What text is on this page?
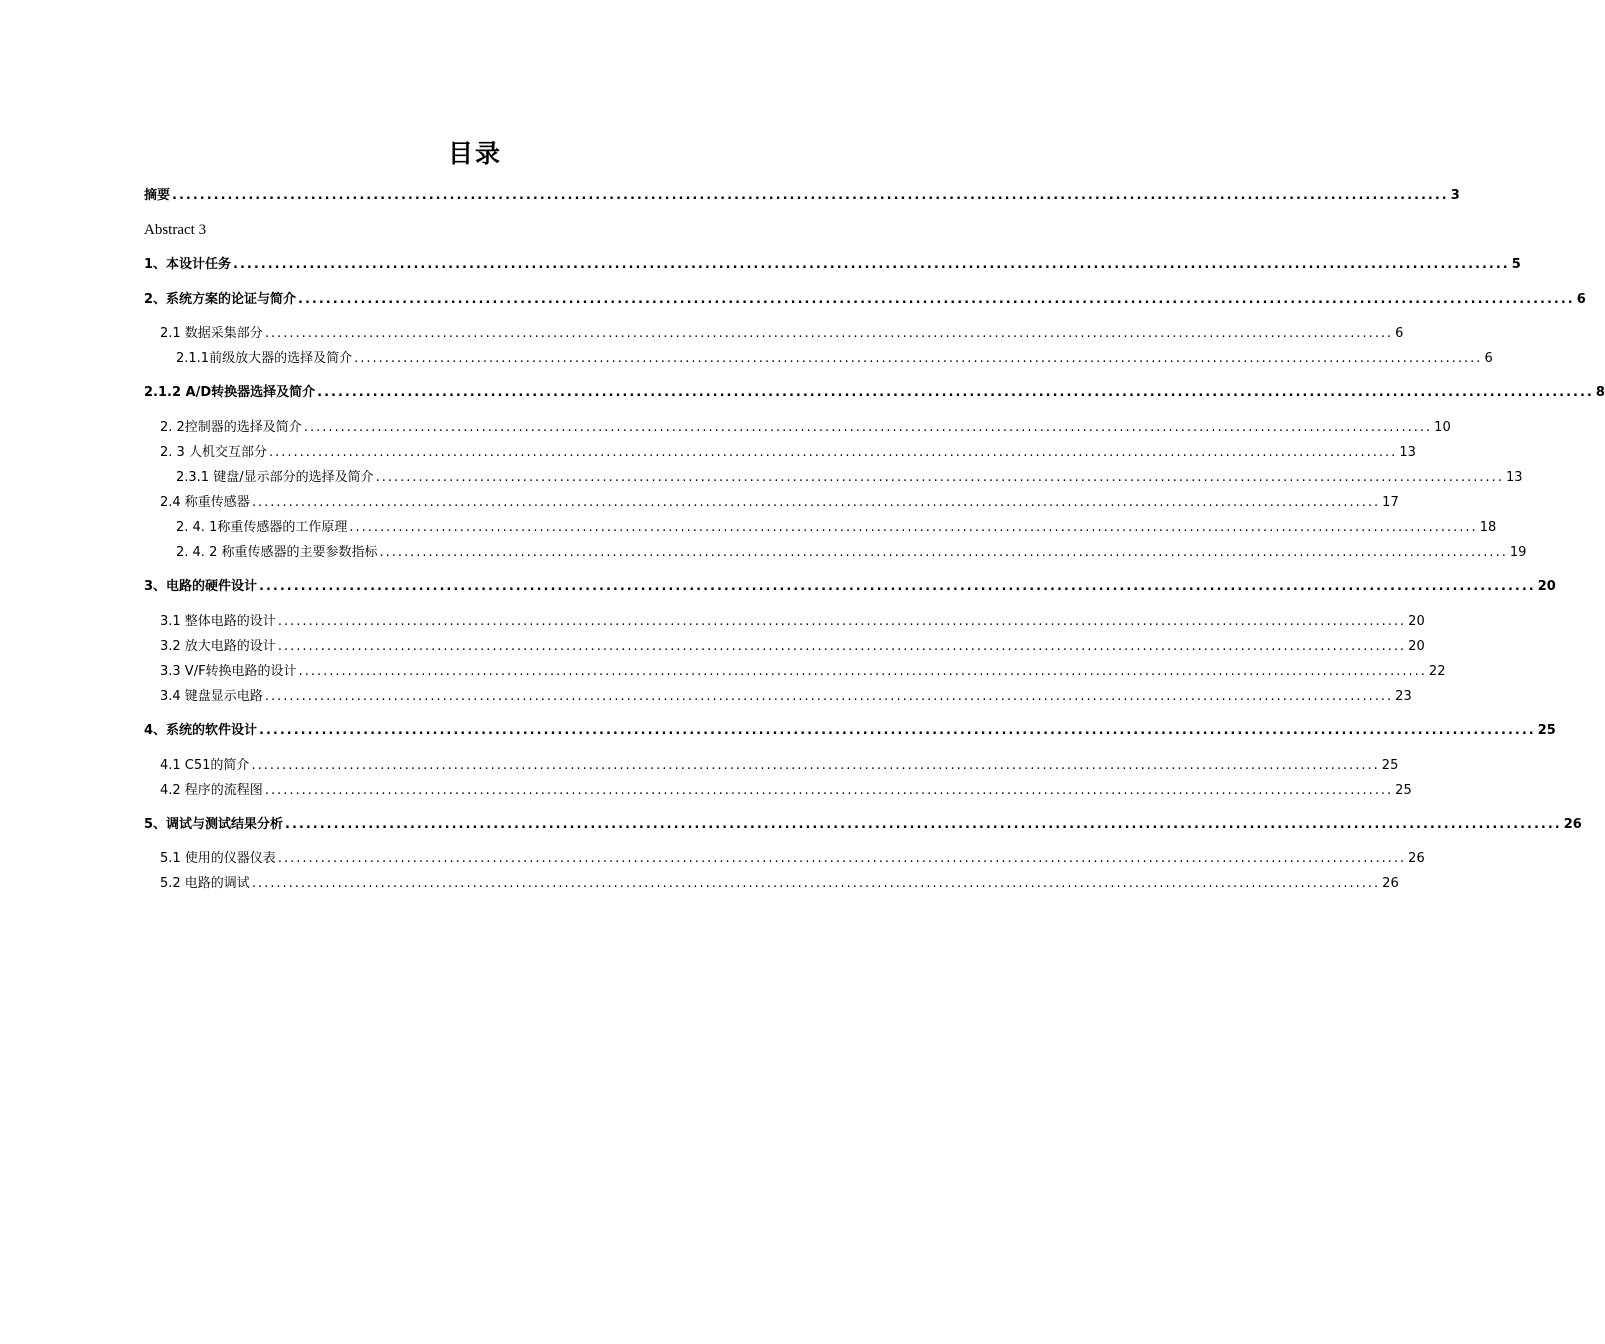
目录
摘要 ........................................................................................................................................................................................ 3
Abstract 3
1、本设计任务 ........................................................................................................................................................................................ 5
2、系统方案的论证与简介 ........................................................................................................................................................................................ 6
2.1 数据采集部分 ........................................................................................................................................................................................ 6
2.1.1前级放大器的选择及简介 ........................................................................................................................................................................................ 6
2.1.2 A/D转换器选择及简介 ........................................................................................................................................................................................ 8
2. 2控制器的选择及简介 ........................................................................................................................................................................................ 10
2. 3 人机交互部分 ........................................................................................................................................................................................ 13
2.3.1 键盘/显示部分的选择及简介 ........................................................................................................................................................................................ 13
2.4 称重传感器 ........................................................................................................................................................................................ 17
2. 4. 1称重传感器的工作原理 ........................................................................................................................................................................................ 18
2. 4. 2 称重传感器的主要参数指标 ........................................................................................................................................................................................ 19
3、电路的硬件设计 ........................................................................................................................................................................................ 20
3.1 整体电路的设计 ........................................................................................................................................................................................ 20
3.2 放大电路的设计 ........................................................................................................................................................................................ 20
3.3 V/F转换电路的设计 ........................................................................................................................................................................................ 22
3.4 键盘显示电路 ........................................................................................................................................................................................ 23
4、系统的软件设计 ........................................................................................................................................................................................ 25
4.1 C51的简介 ........................................................................................................................................................................................ 25
4.2 程序的流程图 ........................................................................................................................................................................................ 25
5、调试与测试结果分析 ........................................................................................................................................................................................ 26
5.1 使用的仪器仪表 ........................................................................................................................................................................................ 26
5.2 电路的调试 ........................................................................................................................................................................................ 26
